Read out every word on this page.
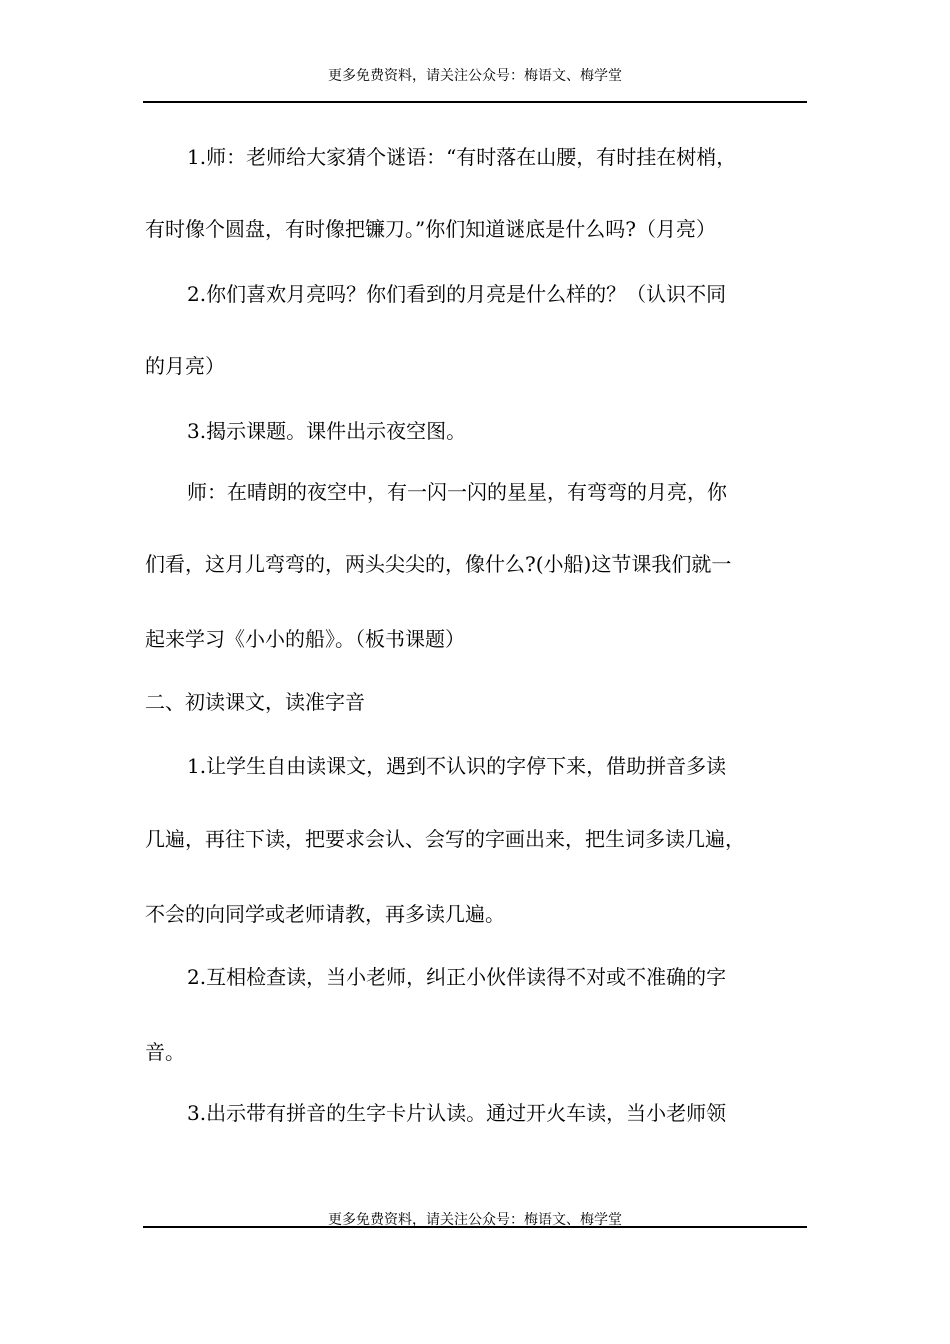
更多免费资料，请关注公众号：梅语文、梅学堂
1.师：老师给大家猜个谜语：“有时落在山腰，有时挂在树梢，
有时像个圆盘，有时像把镰刀。”你们知道谜底是什么吗?（月亮）
2.你们喜欢月亮吗？你们看到的月亮是什么样的？（认识不同
的月亮）
3.揭示课题。课件出示夜空图。
师：在晴朗的夜空中，有一闪一闪的星星，有弯弯的月亮，你
们看，这月儿弯弯的，两头尖尖的，像什么?(小船)这节课我们就一
起来学习《小小的船》。（板书课题）
二、初读课文，读准字音
1.让学生自由读课文，遇到不认识的字停下来，借助拼音多读
几遍，再往下读，把要求会认、会写的字画出来，把生词多读几遍，
不会的向同学或老师请教，再多读几遍。
2.互相检查读，当小老师，纠正小伙伴读得不对或不准确的字
音。
3.出示带有拼音的生字卡片认读。通过开火车读，当小老师领
更多免费资料，请关注公众号：梅语文、梅学堂
